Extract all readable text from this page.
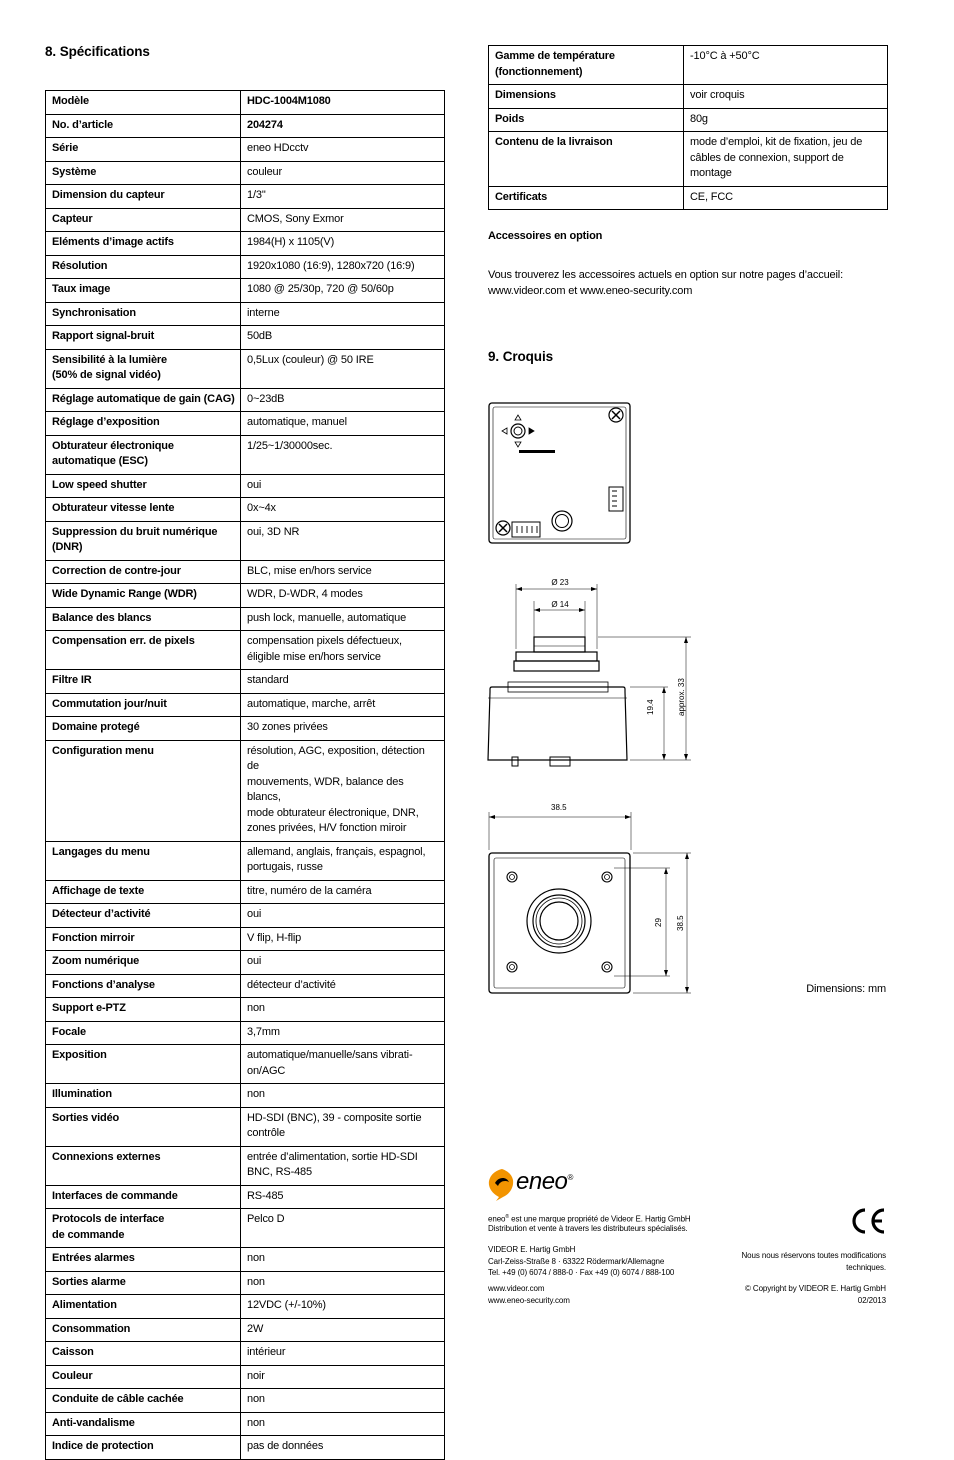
8. Spécifications
Modèle	HDC-1004M1080
No. d’article	204274
Série	eneo HDcctv
Système	couleur
Dimension du capteur	1/3"
Capteur	CMOS, Sony Exmor
Eléments d’image actifs	1984(H) x 1105(V)
Résolution	1920x1080 (16:9), 1280x720 (16:9)
Taux image	1080 @ 25/30p, 720 @ 50/60p
Synchronisation	interne
Rapport signal-bruit	50dB
Sensibilité à la lumière
(50% de signal vidéo)	0,5Lux (couleur) @ 50 IRE
Réglage automatique de gain (CAG)	0~23dB
Réglage d’exposition	automatique, manuel
Obturateur électronique
automatique (ESC)	1/25~1/30000sec.
Low speed shutter	oui
Obturateur vitesse lente	0x~4x
Suppression du bruit numérique
(DNR)	oui, 3D NR
Correction de contre-jour	BLC, mise en/hors service
Wide Dynamic Range (WDR)	WDR, D-WDR, 4 modes
Balance des blancs	push lock, manuelle, automatique
Compensation err. de pixels	compensation pixels défectueux,
éligible mise en/hors service
Filtre IR	standard
Commutation jour/nuit	automatique, marche, arrêt
Domaine protegé	30 zones privées
Configuration menu	résolution, AGC, exposition, détection de
mouvements, WDR, balance des blancs,
mode obturateur électronique, DNR,
zones privées, H/V fonction miroir
Langages du menu	allemand, anglais, français, espagnol,
portugais, russe
Affichage de texte	titre, numéro de la caméra
Détecteur d’activité	oui
Fonction mirroir	V flip, H-flip
Zoom numérique	oui
Fonctions d’analyse	détecteur d’activité
Support e-PTZ	non
Focale	3,7mm
Exposition	automatique/manuelle/sans vibrati-
on/AGC
Illumination	non
Sorties vidéo	HD-SDI (BNC), 39 - composite sortie
contrôle
Connexions externes	entrée d’alimentation, sortie HD-SDI
BNC, RS-485
Interfaces de commande	RS-485
Protocols de interface
de commande	Pelco D
Entrées alarmes	non
Sorties alarme	non
Alimentation	12VDC (+/-10%)
Consommation	2W
Caisson	intérieur
Couleur	noir
Conduite de câble cachée	non
Anti-vandalisme	non
Indice de protection	pas de données
Gamme de température
(fonctionnement)	-10°C à +50°C
Dimensions	voir croquis
Poids	80g
Contenu de la livraison	mode d’emploi, kit de fixation, jeu de
câbles de connexion, support de
montage
Certificats	CE, FCC
Accessoires en option
Vous trouverez les accessoires actuels en option sur notre pages d’accueil:
www.videor.com et www.eneo-security.com
9. Croquis
Ø 23
Ø 14
19.4	approx. 33
38.5
29 38.5
Dimensions: mm
eneo®
eneo® est une marque propriété de Videor E. Hartig GmbH
Distribution et vente à travers les distributeurs spécialisés.
VIDEOR E. Hartig GmbH
Carl-Zeiss-Straße 8 · 63322 Rödermark/Allemagne
Tel. +49 (0) 6074 / 888-0 · Fax +49 (0) 6074 / 888-100
www.videor.com
www.eneo-security.com
Nous nous réservons toutes modifications
techniques.
© Copyright by VIDEOR E. Hartig GmbH
02/2013
